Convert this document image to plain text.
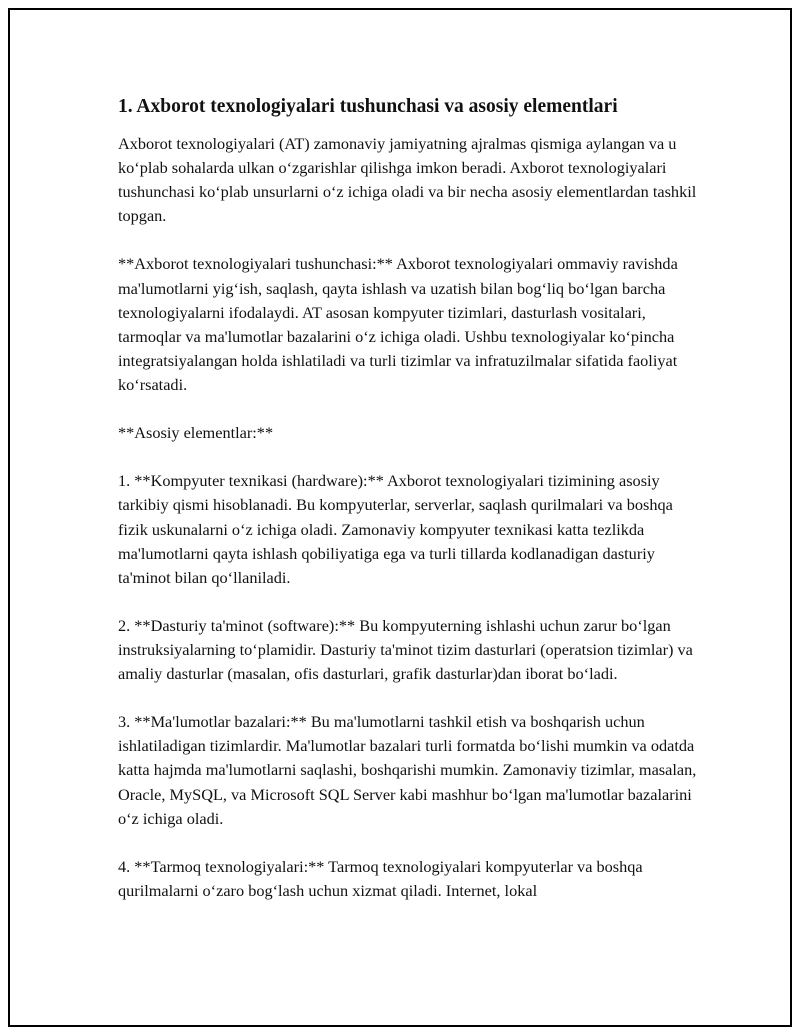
1. Axborot texnologiyalari tushunchasi va asosiy elementlari

Axborot texnologiyalari (AT) zamonaviy jamiyatning ajralmas qismiga aylangan va u koʻplab sohalarda ulkan oʻzgarishlar qilishga imkon beradi. Axborot texnologiyalari tushunchasi koʻplab unsurlarni oʻz ichiga oladi va bir necha asosiy elementlardan tashkil topgan.

**Axborot texnologiyalari tushunchasi:** Axborot texnologiyalari ommaviy ravishda ma'lumotlarni yigʻish, saqlash, qayta ishlash va uzatish bilan bogʻliq boʻlgan barcha texnologiyalarni ifodalaydi. AT asosan kompyuter tizimlari, dasturlash vositalari, tarmoqlar va ma'lumotlar bazalarini oʻz ichiga oladi. Ushbu texnologiyalar koʻpincha integratsiyalangan holda ishlatiladi va turli tizimlar va infratuzilmalar sifatida faoliyat koʻrsatadi.

**Asosiy elementlar:**

1. **Kompyuter texnikasi (hardware):** Axborot texnologiyalari tizimining asosiy tarkibiy qismi hisoblanadi. Bu kompyuterlar, serverlar, saqlash qurilmalari va boshqa fizik uskunalarni oʻz ichiga oladi. Zamonaviy kompyuter texnikasi katta tezlikda ma'lumotlarni qayta ishlash qobiliyatiga ega va turli tillarda kodlanadigan dasturiy ta'minot bilan qoʻllaniladi.

2. **Dasturiy ta'minot (software):** Bu kompyuterning ishlashi uchun zarur boʻlgan instruksiyalarning toʻplamidir. Dasturiy ta'minot tizim dasturlari (operatsion tizimlar) va amaliy dasturlar (masalan, ofis dasturlari, grafik dasturlar)dan iborat boʻladi.

3. **Ma'lumotlar bazalari:** Bu ma'lumotlarni tashkil etish va boshqarish uchun ishlatiladigan tizimlardir. Ma'lumotlar bazalari turli formatda boʻlishi mumkin va odatda katta hajmda ma'lumotlarni saqlashi, boshqarishi mumkin. Zamonaviy tizimlar, masalan, Oracle, MySQL, va Microsoft SQL Server kabi mashhur boʻlgan ma'lumotlar bazalarini oʻz ichiga oladi.

4. **Tarmoq texnologiyalari:** Tarmoq texnologiyalari kompyuterlar va boshqa qurilmalarni oʻzaro bogʻlash uchun xizmat qiladi. Internet, lokal
